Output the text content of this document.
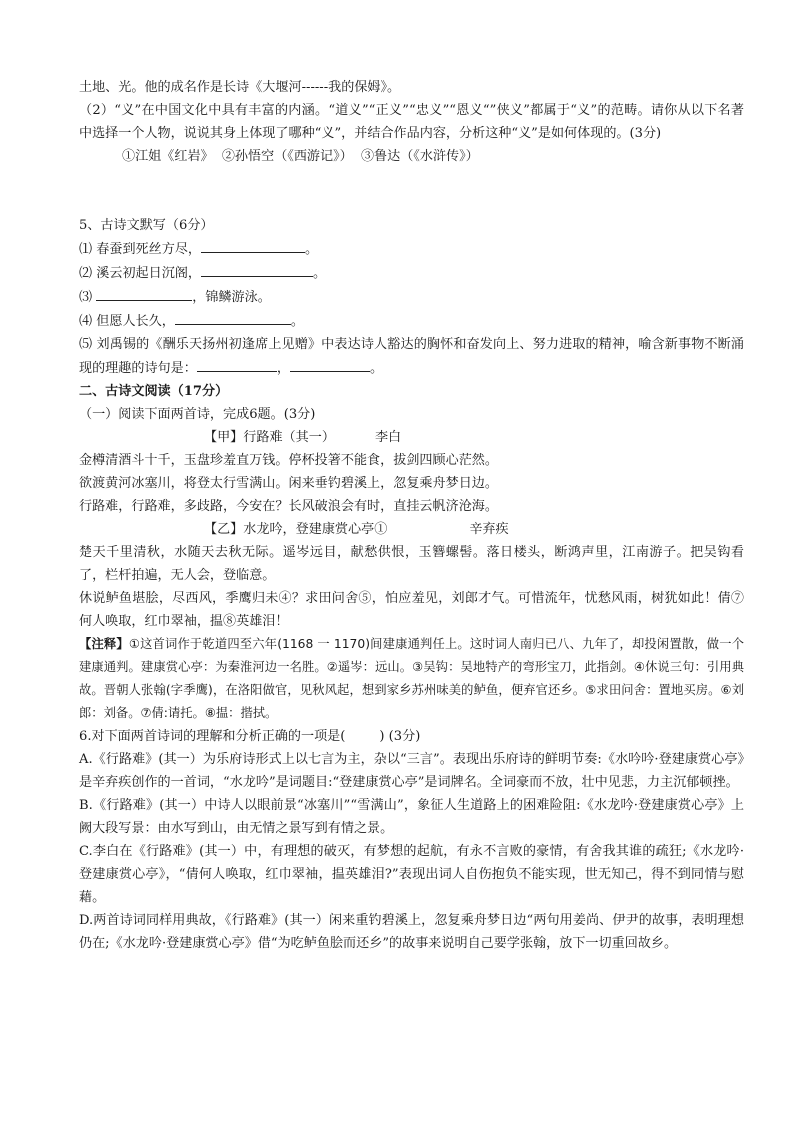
土地、光。他的成名作是长诗《大堰河------我的保姆》。
（2）“义”在中国文化中具有丰富的内涵。“道义”“正义”“忠义”“恩义“”侠义”都属于“义”的范畴。请你从以下名著中选择一个人物，说说其身上体现了哪种“义”，并结合作品内容，分析这种“义”是如何体现的。(3分)
①江姐《红岩》 ②孙悟空（《西游记》） ③鲁达（《水浒传》）
5、古诗文默写（6分）
⑴ 春蚕到死丝方尽，	。
⑵ 溪云初起日沉阁，	。
⑶	，锦鳞游泳。
⑷ 但愿人长久，	。
⑸ 刘禹锡的《酬乐天扬州初逢席上见赠》中表达诗人豁达的胸怀和奋发向上、努力进取的精神，喻含新事物不断涌现的理趣的诗句是：	，	。
二、古诗文阅读（17分）
（一）阅读下面两首诗，完成6题。(3分)
【甲】行路难（其一）	李白
金樽清酒斗十千，玉盘珍羞直万钱。停杯投箸不能食，拔剑四顾心茫然。
欲渡黄河冰塞川，将登太行雪满山。闲来垂钓碧溪上，忽复乘舟梦日边。
行路难，行路难，多歧路，今安在？长风破浪会有时，直挂云帆济沧海。
【乙】水龙吟，登建康赏心亭①	辛弃疾
楚天千里清秋，水随天去秋无际。遥岑远目，献愁供恨，玉簪螺髻。落日楼头，断鸿声里，江南游子。把吴钩看了，栏杆拍遍，无人会，登临意。
休说鲈鱼堪脍，尽西风，季鹰归未④？求田问舍⑤，怕应羞见，刘郎才气。可惜流年，忧愁风雨，树犹如此！倩⑦何人唤取，红巾翠袖，揾⑧英雄泪！
【注释】①这首词作于乾道四至六年(1168 一 1170)间建康通判任上。这时词人南归已八、九年了，却投闲置散，做一个建康通判。建康赏心亭：为秦淮河边一名胜。②遥岑：远山。③吴钩：吴地特产的弯形宝刀，此指剑。④休说三句：引用典故。晋朝人张翰(字季鹰)，在洛阳做官，见秋风起，想到家乡苏州味美的鲈鱼，便弃官还乡。⑤求田问舍：置地买房。⑥刘郎：刘备。⑦倩:请托。⑧揾：揩拭。
6.对下面两首诗词的理解和分析正确的一项是(	) (3分)
A.《行路难》(其一）为乐府诗形式上以七言为主，杂以“三言”。表现出乐府诗的鲜明节奏:《水吟吟·登建康赏心亭》是辛弃疾创作的一首词，“水龙吟”是词题目:“登建康赏心亭”是词牌名。全词豪而不放，壮中见悲，力主沉郁顿挫。
B.《行路难》(其一）中诗人以眼前景“冰塞川”“雪满山”，象征人生道路上的困难险阻:《水龙吟·登建康赏心亭》上阙大段写景：由水写到山，由无情之景写到有情之景。
C.李白在《行路难》(其一）中，有理想的破灭，有梦想的起航，有永不言败的豪情，有舍我其谁的疏狂;《水龙吟·登建康赏心亭》，“倩何人唤取，红巾翠袖，揾英雄泪?”表现出词人自伤抱负不能实现，世无知己，得不到同情与慰藉。
D.两首诗词同样用典故，《行路难》(其一）闲来重钓碧溪上，忽复乘舟梦日边“两句用姜尚、伊尹的故事，表明理想仍在;《水龙吟·登建康赏心亭》借“为吃鲈鱼脍而还乡”的故事来说明自己要学张翰，放下一切重回故乡。
